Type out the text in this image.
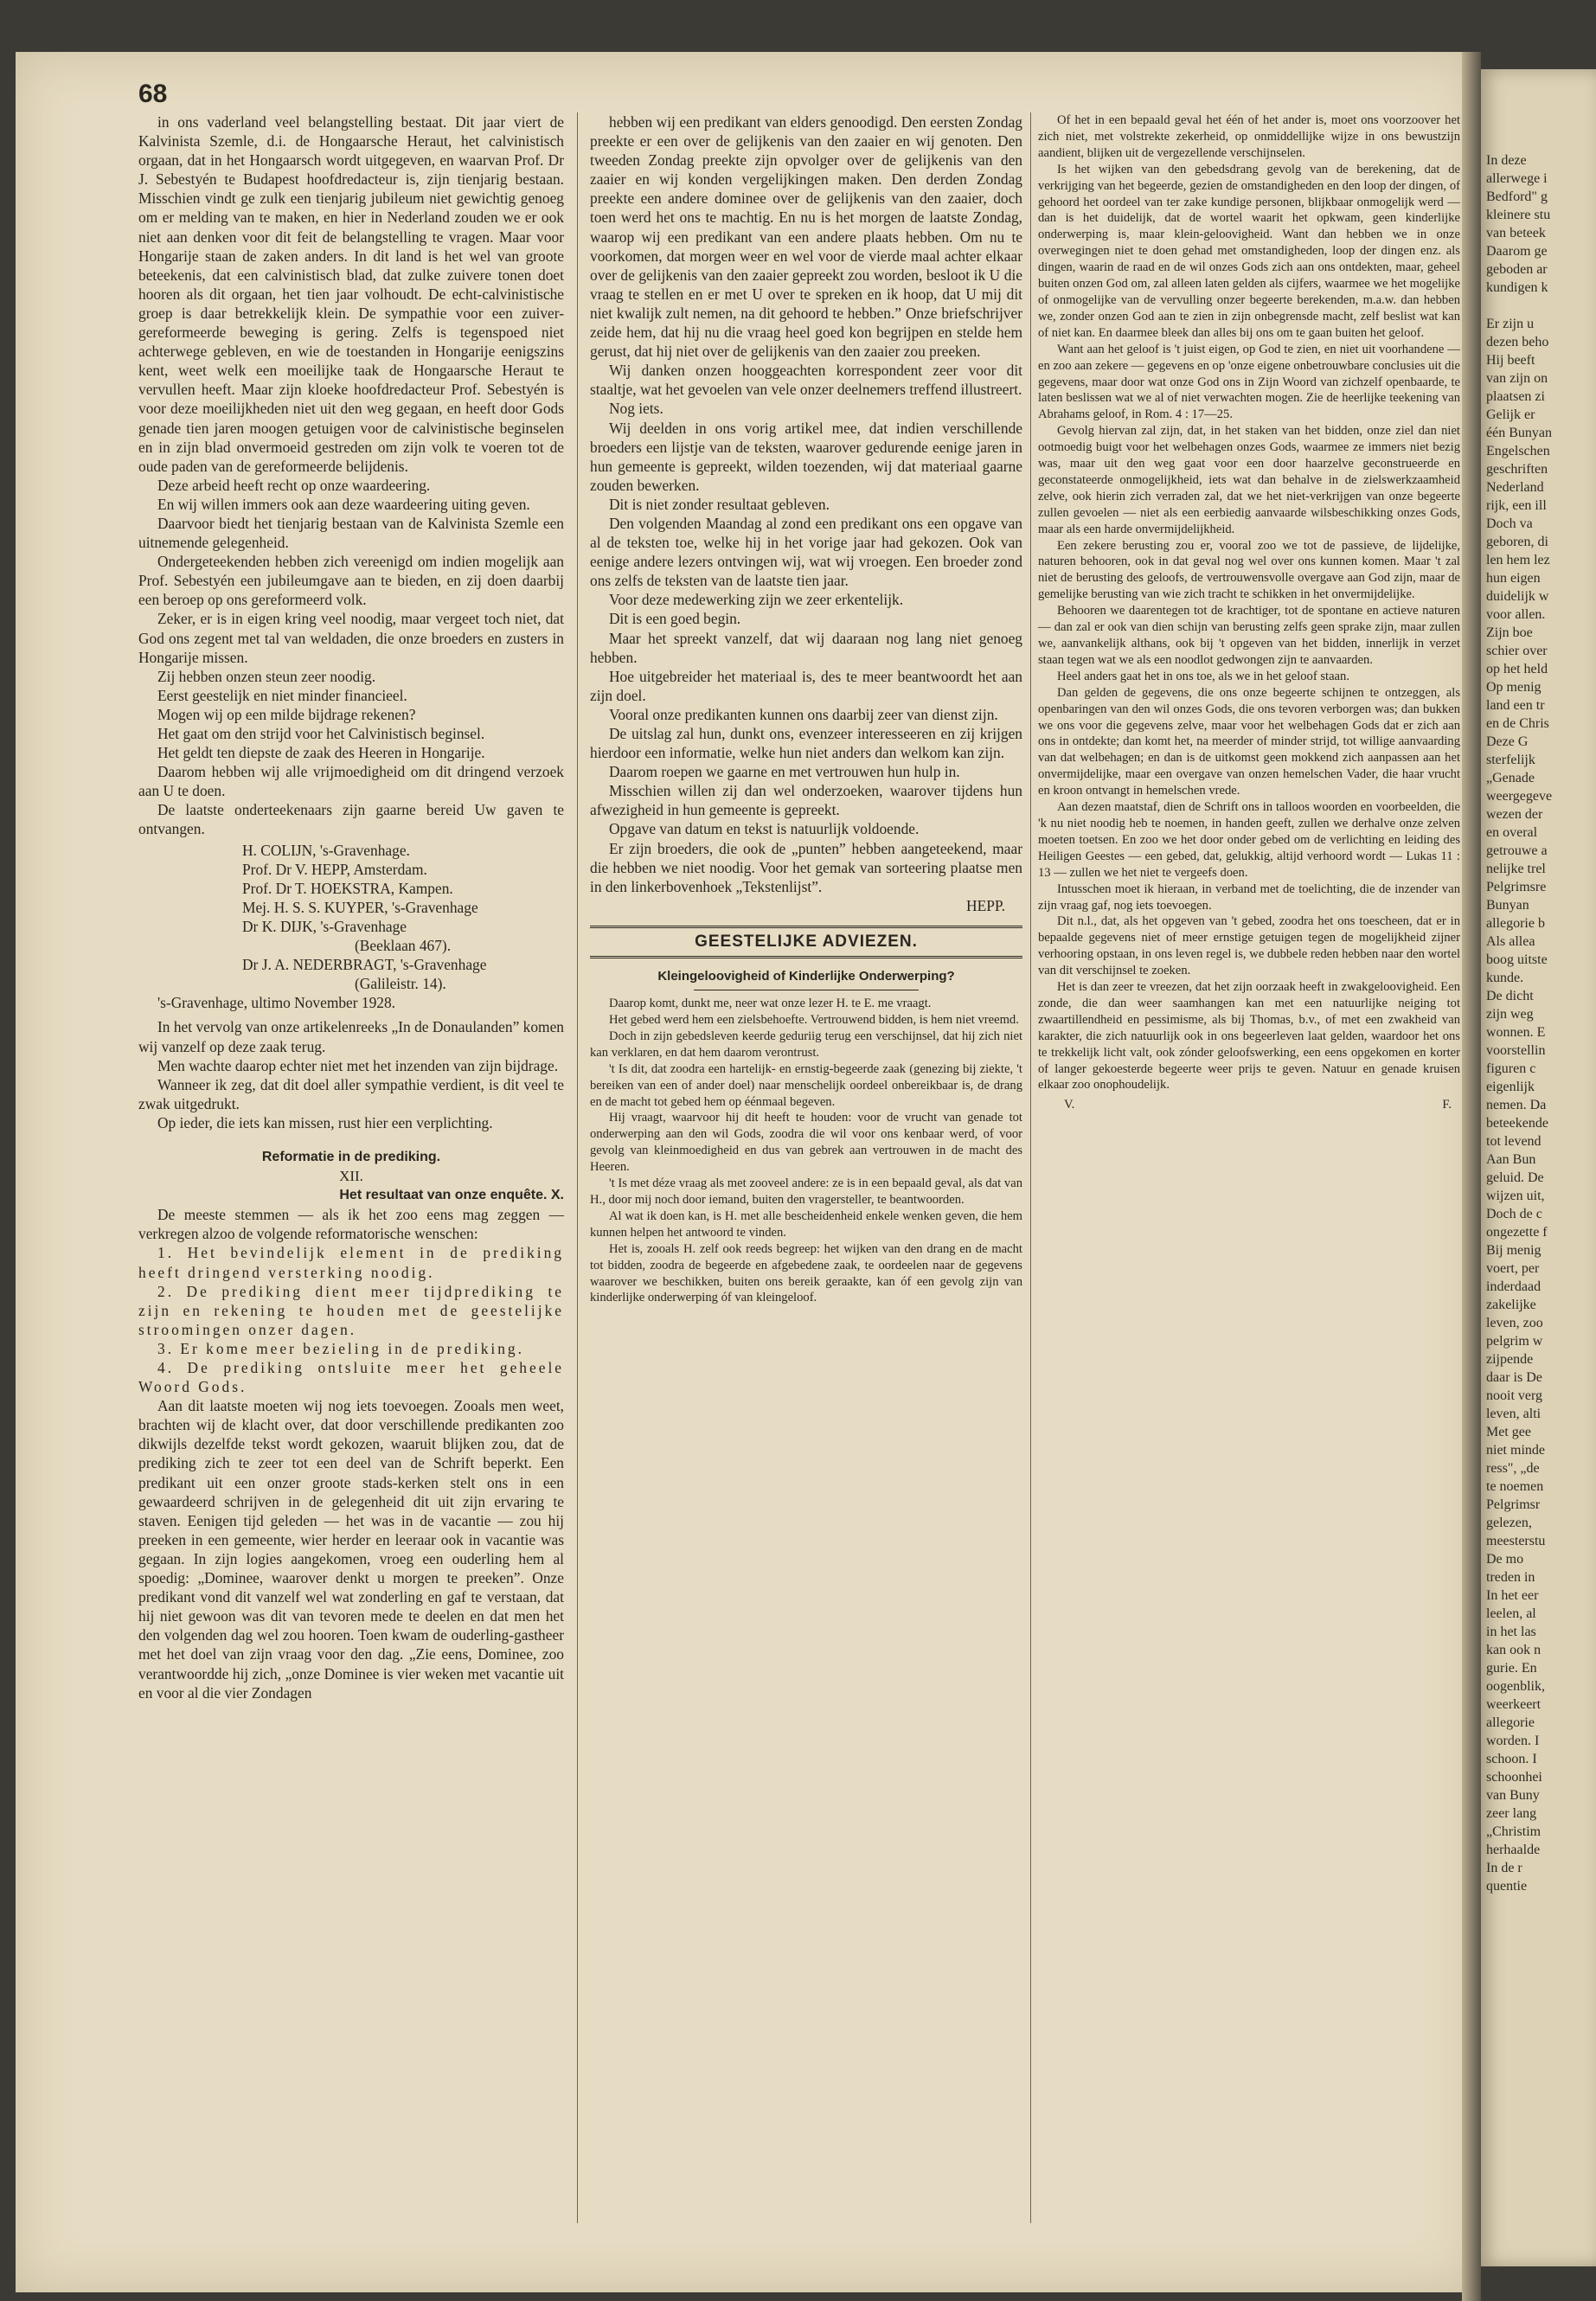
In deze
allerwege i
Bedford" g
kleinere stu
van beteek
Daarom ge
geboden ar
kundigen k

Er zijn u
dezen beho
Hij beeft
van zijn on
plaatsen zi
Gelijk er
één Bunyan
Engelschen
geschriften
Nederland
rijk, een ill
Doch va
geboren, di
len hem lez
hun eigen
duidelijk w
voor allen.
Zijn boe
schier over
op het held
Op menig
land een tr
en de Chris
Deze G
sterfelijk
„Genade
weergegeve
wezen der
en overal
getrouwe a
nelijke trel
Pelgrimsre
Bunyan
allegorie b
Als allea
boog uitste
kunde.
De dicht
zijn weg
wonnen. E
voorstellin
figuren c
eigenlijk
nemen. Da
beteekende
tot levend
Aan Bun
geluid. De
wijzen uit,
Doch de c
ongezette f
Bij menig
voert, per
inderdaad
zakelijke
leven, zoo
pelgrim w
zijpende
daar is De
nooit verg
leven, alti
Met gee
niet minde
ress", „de
te noemen
Pelgrimsr
gelezen,
meesterstu
De mo
treden in
In het eer
leelen, al
in het las
kan ook n
gurie. En
oogenblik,
weerkeert
allegorie
worden. I
schoon. I
schoonhei
van Buny
zeer lang
„Christim
herhaalde
In de r
quentie
68

in ons vaderland veel belangstelling bestaat. Dit jaar viert de Kalvinista Szemle, d.i. de Hongaarsche Heraut, het calvinistisch orgaan, dat in het Hongaarsch wordt uitgegeven, en waarvan Prof. Dr J. Sebestyén te Budapest hoofdredacteur is, zijn tienjarig bestaan. Misschien vindt ge zulk een tienjarig jubileum niet gewichtig genoeg om er melding van te maken, en hier in Nederland zouden we er ook niet aan denken voor dit feit de belangstelling te vragen. Maar voor Hongarije staan de zaken anders. In dit land is het wel van groote beteekenis, dat een calvinistisch blad, dat zulke zuivere tonen doet hooren als dit orgaan, het tien jaar volhoudt. De echt-calvinistische groep is daar betrekkelijk klein. De sympathie voor een zuiver-gereformeerde beweging is gering. Zelfs is tegenspoed niet achterwege gebleven, en wie de toestanden in Hongarije eenigszins kent, weet welk een moeilijke taak de Hongaarsche Heraut te vervullen heeft. Maar zijn kloeke hoofdredacteur Prof. Sebestyén is voor deze moeilijkheden niet uit den weg gegaan, en heeft door Gods genade tien jaren moogen getuigen voor de calvinistische beginselen en in zijn blad onvermoeid gestreden om zijn volk te voeren tot de oude paden van de gereformeerde belijdenis.

Deze arbeid heeft recht op onze waardeering.

En wij willen immers ook aan deze waardeering uiting geven.

Daarvoor biedt het tienjarig bestaan van de Kalvinista Szemle een uitnemende gelegenheid.

Ondergeteekenden hebben zich vereenigd om indien mogelijk aan Prof. Sebestyén een jubileumgave aan te bieden, en zij doen daarbij een beroep op ons gereformeerd volk.

Zeker, er is in eigen kring veel noodig, maar vergeet toch niet, dat God ons zegent met tal van weldaden, die onze broeders en zusters in Hongarije missen.

Zij hebben onzen steun zeer noodig.

Eerst geestelijk en niet minder financieel.

Mogen wij op een milde bijdrage rekenen?

Het gaat om den strijd voor het Calvinistisch beginsel.

Het geldt ten diepste de zaak des Heeren in Hongarije.

Daarom hebben wij alle vrijmoedigheid om dit dringend verzoek aan U te doen.

De laatste onderteekenaars zijn gaarne bereid Uw gaven te ontvangen.

H. COLIJN, 's-Gravenhage.

Prof. Dr V. HEPP, Amsterdam.

Prof. Dr T. HOEKSTRA, Kampen.

Mej. H. S. S. KUYPER, 's-Gravenhage

Dr K. DIJK, 's-Gravenhage

(Beeklaan 467).

Dr J. A. NEDERBRAGT, 's-Gravenhage

(Galileistr. 14).

's-Gravenhage, ultimo November 1928.

In het vervolg van onze artikelenreeks „In de Donaulanden” komen wij vanzelf op deze zaak terug.

Men wachte daarop echter niet met het inzenden van zijn bijdrage.

Wanneer ik zeg, dat dit doel aller sympathie verdient, is dit veel te zwak uitgedrukt.

Op ieder, die iets kan missen, rust hier een verplichting.

Reformatie in de prediking.
XII.
Het resultaat van onze enquête. X.

De meeste stemmen — als ik het zoo eens mag zeggen — verkregen alzoo de volgende reformatorische wenschen:

1. Het bevindelijk element in de prediking heeft dringend versterking noodig.

2. De prediking dient meer tijdprediking te zijn en rekening te houden met de geestelijke stroomingen onzer dagen.

3. Er kome meer bezieling in de prediking.

4. De prediking ontsluite meer het geheele Woord Gods.

Aan dit laatste moeten wij nog iets toevoegen. Zooals men weet, brachten wij de klacht over, dat door verschillende predikanten zoo dikwijls dezelfde tekst wordt gekozen, waaruit blijken zou, dat de prediking zich te zeer tot een deel van de Schrift beperkt. Een predikant uit een onzer groote stads-kerken stelt ons in een gewaardeerd schrijven in de gelegenheid dit uit zijn ervaring te staven. Eenigen tijd geleden — het was in de vacantie — zou hij preeken in een gemeente, wier herder en leeraar ook in vacantie was gegaan. In zijn logies aangekomen, vroeg een ouderling hem al spoedig: „Dominee, waarover denkt u morgen te preeken”. Onze predikant vond dit vanzelf wel wat zonderling en gaf te verstaan, dat hij niet gewoon was dit van tevoren mede te deelen en dat men het den volgenden dag wel zou hooren. Toen kwam de ouderling-gastheer met het doel van zijn vraag voor den dag. „Zie eens, Dominee, zoo verantwoordde hij zich, „onze Dominee is vier weken met vacantie uit en voor al die vier Zondagen

hebben wij een predikant van elders genoodigd. Den eersten Zondag preekte er een over de gelijkenis van den zaaier en wij genoten. Den tweeden Zondag preekte zijn opvolger over de gelijkenis van den zaaier en wij konden vergelijkingen maken. Den derden Zondag preekte een andere dominee over de gelijkenis van den zaaier, doch toen werd het ons te machtig. En nu is het morgen de laatste Zondag, waarop wij een predikant van een andere plaats hebben. Om nu te voorkomen, dat morgen weer en wel voor de vierde maal achter elkaar over de gelijkenis van den zaaier gepreekt zou worden, besloot ik U die vraag te stellen en er met U over te spreken en ik hoop, dat U mij dit niet kwalijk zult nemen, na dit gehoord te hebben.” Onze briefschrijver zeide hem, dat hij nu die vraag heel goed kon begrijpen en stelde hem gerust, dat hij niet over de gelijkenis van den zaaier zou preeken.

Wij danken onzen hooggeachten korrespondent zeer voor dit staaltje, wat het gevoelen van vele onzer deelnemers treffend illustreert.

Nog iets.

Wij deelden in ons vorig artikel mee, dat indien verschillende broeders een lijstje van de teksten, waarover gedurende eenige jaren in hun gemeente is gepreekt, wilden toezenden, wij dat materiaal gaarne zouden bewerken.

Dit is niet zonder resultaat gebleven.

Den volgenden Maandag al zond een predikant ons een opgave van al de teksten toe, welke hij in het vorige jaar had gekozen. Ook van eenige andere lezers ontvingen wij, wat wij vroegen. Een broeder zond ons zelfs de teksten van de laatste tien jaar.

Voor deze medewerking zijn we zeer erkentelijk.

Dit is een goed begin.

Maar het spreekt vanzelf, dat wij daaraan nog lang niet genoeg hebben.

Hoe uitgebreider het materiaal is, des te meer beantwoordt het aan zijn doel.

Vooral onze predikanten kunnen ons daarbij zeer van dienst zijn.

De uitslag zal hun, dunkt ons, evenzeer interesseeren en zij krijgen hierdoor een informatie, welke hun niet anders dan welkom kan zijn.

Daarom roepen we gaarne en met vertrouwen hun hulp in.

Misschien willen zij dan wel onderzoeken, waarover tijdens hun afwezigheid in hun gemeente is gepreekt.

Opgave van datum en tekst is natuurlijk voldoende.

Er zijn broeders, die ook de „punten” hebben aangeteekend, maar die hebben we niet noodig. Voor het gemak van sorteering plaatse men in den linkerbovenhoek „Tekstenlijst”.

HEPP.

GEESTELIJKE ADVIEZEN.
Kleingeloovigheid of Kinderlijke Onderwerping?

Daarop komt, dunkt me, neer wat onze lezer H. te E. me vraagt.

Het gebed werd hem een zielsbehoefte. Vertrouwend bidden, is hem niet vreemd.

Doch in zijn gebedsleven keerde geduriig terug een verschijnsel, dat hij zich niet kan verklaren, en dat hem daarom verontrust.

't Is dit, dat zoodra een hartelijk- en ernstig-begeerde zaak (genezing bij ziekte, 't bereiken van een of ander doel) naar menschelijk oordeel onbereikbaar is, de drang en de macht tot gebed hem op éénmaal begeven.

Hij vraagt, waarvoor hij dit heeft te houden: voor de vrucht van genade tot onderwerping aan den wil Gods, zoodra die wil voor ons kenbaar werd, of voor gevolg van kleinmoedigheid en dus van gebrek aan vertrouwen in de macht des Heeren.

't Is met déze vraag als met zooveel andere: ze is in een bepaald geval, als dat van H., door mij noch door iemand, buiten den vragersteller, te beantwoorden.

Al wat ik doen kan, is H. met alle bescheidenheid enkele wenken geven, die hem kunnen helpen het antwoord te vinden.

Het is, zooals H. zelf ook reeds begreep: het wijken van den drang en de macht tot bidden, zoodra de begeerde en afgebedene zaak, te oordeelen naar de gegevens waarover we beschikken, buiten ons bereik geraakte, kan óf een gevolg zijn van kinderlijke onderwerping óf van kleingeloof.

Of het in een bepaald geval het één of het ander is, moet ons voorzoover het zich niet, met volstrekte zekerheid, op onmiddellijke wijze in ons bewustzijn aandient, blijken uit de vergezellende verschijnselen.

Is het wijken van den gebedsdrang gevolg van de berekening, dat de verkrijging van het begeerde, gezien de omstandigheden en den loop der dingen, of gehoord het oordeel van ter zake kundige personen, blijkbaar onmogelijk werd — dan is het duidelijk, dat de wortel waarit het opkwam, geen kinderlijke onderwerping is, maar klein-geloovigheid. Want dan hebben we in onze overwegingen niet te doen gehad met omstandigheden, loop der dingen enz. als dingen, waarin de raad en de wil onzes Gods zich aan ons ontdekten, maar, geheel buiten onzen God om, zal alleen laten gelden als cijfers, waarmee we het mogelijke of onmogelijke van de vervulling onzer begeerte berekenden, m.a.w. dan hebben we, zonder onzen God aan te zien in zijn onbegrensde macht, zelf beslist wat kan of niet kan. En daarmee bleek dan alles bij ons om te gaan buiten het geloof.

Want aan het geloof is 't juist eigen, op God te zien, en niet uit voorhandene — en zoo aan zekere — gegevens en op 'onze eigene onbetrouwbare conclusies uit die gegevens, maar door wat onze God ons in Zijn Woord van zichzelf openbaarde, te laten beslissen wat we al of niet verwachten mogen. Zie de heerlijke teekening van Abrahams geloof, in Rom. 4 : 17—25.

Gevolg hiervan zal zijn, dat, in het staken van het bidden, onze ziel dan niet ootmoedig buigt voor het welbehagen onzes Gods, waarmee ze immers niet bezig was, maar uit den weg gaat voor een door haarzelve geconstrueerde en geconstateerde onmogelijkheid, iets wat dan behalve in de zielswerkzaamheid zelve, ook hierin zich verraden zal, dat we het niet-verkrijgen van onze begeerte zullen gevoelen — niet als een eerbiedig aanvaarde wilsbeschikking onzes Gods, maar als een harde onvermijdelijkheid.

Een zekere berusting zou er, vooral zoo we tot de passieve, de lijdelijke, naturen behooren, ook in dat geval nog wel over ons kunnen komen. Maar 't zal niet de berusting des geloofs, de vertrouwensvolle overgave aan God zijn, maar de gemelijke berusting van wie zich tracht te schikken in het onvermijdelijke.

Behooren we daarentegen tot de krachtiger, tot de spontane en actieve naturen — dan zal er ook van dien schijn van berusting zelfs geen sprake zijn, maar zullen we, aanvankelijk althans, ook bij 't opgeven van het bidden, innerlijk in verzet staan tegen wat we als een noodlot gedwongen zijn te aanvaarden.

Heel anders gaat het in ons toe, als we in het geloof staan.

Dan gelden de gegevens, die ons onze begeerte schijnen te ontzeggen, als openbaringen van den wil onzes Gods, die ons tevoren verborgen was; dan bukken we ons voor die gegevens zelve, maar voor het welbehagen Gods dat er zich aan ons in ontdekte; dan komt het, na meerder of minder strijd, tot willige aanvaarding van dat welbehagen; en dan is de uitkomst geen mokkend zich aanpassen aan het onvermijdelijke, maar een overgave van onzen hemelschen Vader, die haar vrucht en kroon ontvangt in hemelschen vrede.

Aan dezen maatstaf, dien de Schrift ons in talloos woorden en voorbeelden, die 'k nu niet noodig heb te noemen, in handen geeft, zullen we derhalve onze zelven moeten toetsen. En zoo we het door onder gebed om de verlichting en leiding des Heiligen Geestes — een gebed, dat, gelukkig, altijd verhoord wordt — Lukas 11 : 13 — zullen we het niet te vergeefs doen.

Intusschen moet ik hieraan, in verband met de toelichting, die de inzender van zijn vraag gaf, nog iets toevoegen.

Dit n.l., dat, als het opgeven van 't gebed, zoodra het ons toescheen, dat er in bepaalde gegevens niet of meer ernstige getuigen tegen de mogelijkheid zijner verhooring opstaan, in ons leven regel is, we dubbele reden hebben naar den wortel van dit verschijnsel te zoeken.

Het is dan zeer te vreezen, dat het zijn oorzaak heeft in zwakgeloovigheid. Een zonde, die dan weer saamhangen kan met een natuurlijke neiging tot zwaartillendheid en pessimisme, als bij Thomas, b.v., of met een zwakheid van karakter, die zich natuurlijk ook in ons begeerleven laat gelden, waardoor het ons te trekkelijk licht valt, ook zónder geloofswerking, een eens opgekomen en korter of langer gekoesterde begeerte weer prijs te geven. Natuur en genade kruisen elkaar zoo onophoudelijk.

V.	F.
